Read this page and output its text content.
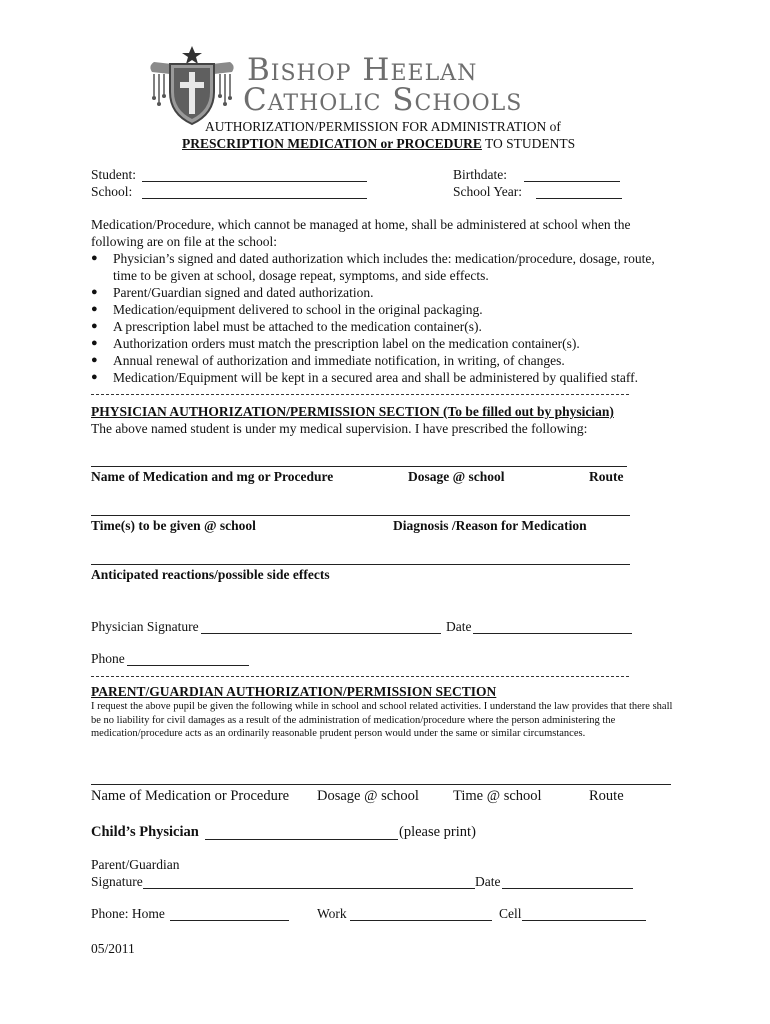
Bishop Heelan
Catholic Schools
AUTHORIZATION/PERMISSION FOR ADMINISTRATION of
PRESCRIPTION MEDICATION or PROCEDURE TO STUDENTS
Student:
School:
Birthdate:
School Year:
Medication/Procedure, which cannot be managed at home, shall be administered at school when the
following are on file at the school:
● Physician’s signed and dated authorization which includes the: medication/procedure, dosage, route,
time to be given at school, dosage repeat, symptoms, and side effects.
● Parent/Guardian signed and dated authorization.
● Medication/equipment delivered to school in the original packaging.
● A prescription label must be attached to the medication container(s).
● Authorization orders must match the prescription label on the medication container(s).
● Annual renewal of authorization and immediate notification, in writing, of changes.
● Medication/Equipment will be kept in a secured area and shall be administered by qualified staff.
PHYSICIAN AUTHORIZATION/PERMISSION SECTION (To be filled out by physician)
The above named student is under my medical supervision. I have prescribed the following:
Name of Medication and mg or Procedure	Dosage @ school	Route
Time(s) to be given @ school	Diagnosis /Reason for Medication
Anticipated reactions/possible side effects
Physician Signature	Date
Phone
PARENT/GUARDIAN AUTHORIZATION/PERMISSION SECTION
I request the above pupil be given the following while in school and school related activities. I understand the law provides that there shall be no liability for civil damages as a result of the administration of medication/procedure where the person administering the medication/procedure acts as an ordinarily reasonable prudent person would under the same or similar circumstances.
Name of Medication or Procedure Dosage @ school Time @ school	Route
Child’s Physician	(please print)
Parent/Guardian
Signature	Date
Phone: Home	Work	Cell
05/2011
